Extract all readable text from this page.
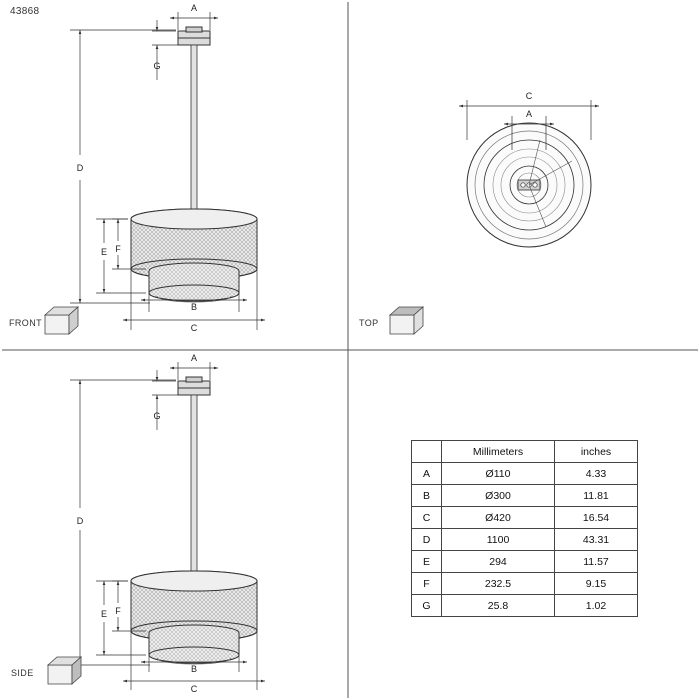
43868	A
G
D
E F
B
C
C
A
A
G
D
E F
B
C
FRONT	TOP
SIDE
	Millimeters	inches
A	Ø110	4.33
B	Ø300	11.81
C	Ø420	16.54
D	1100	43.31
E	294	11.57
F	232.5	9.15
G	25.8	1.02
